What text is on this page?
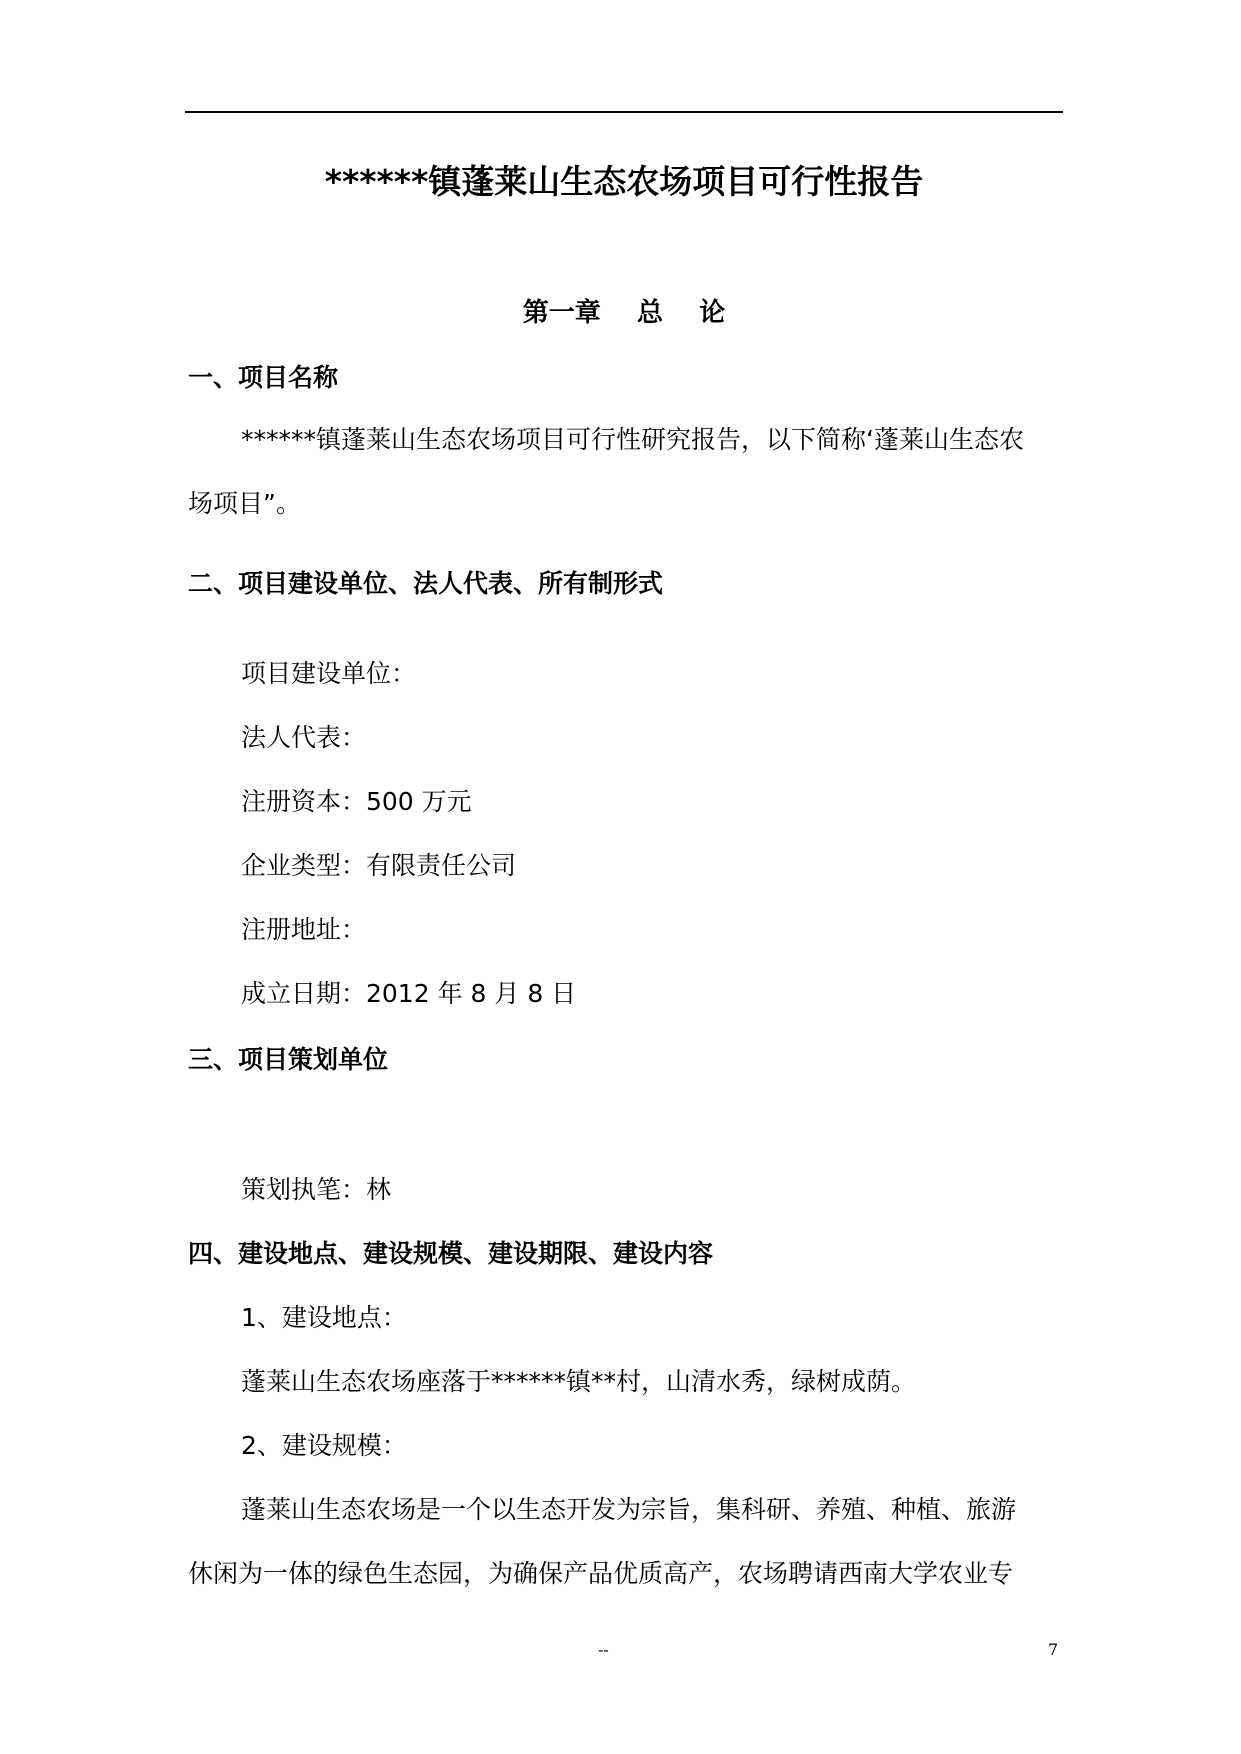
******镇蓬莱山生态农场项目可行性报告
第一章    总    论
一、项目名称
******镇蓬莱山生态农场项目可行性研究报告，以下简称‘蓬莱山生态农
场项目”。
二、项目建设单位、法人代表、所有制形式
项目建设单位：
法人代表：
注册资本：500 万元
企业类型：有限责任公司
注册地址：
成立日期：2012 年 8 月 8 日
三、项目策划单位
策划执笔：林
四、建设地点、建设规模、建设期限、建设内容
1、建设地点：
蓬莱山生态农场座落于******镇**村，山清水秀，绿树成荫。
2、建设规模：
蓬莱山生态农场是一个以生态开发为宗旨，集科研、养殖、种植、旅游
休闲为一体的绿色生态园，为确保产品优质高产，农场聘请西南大学农业专
--	7
